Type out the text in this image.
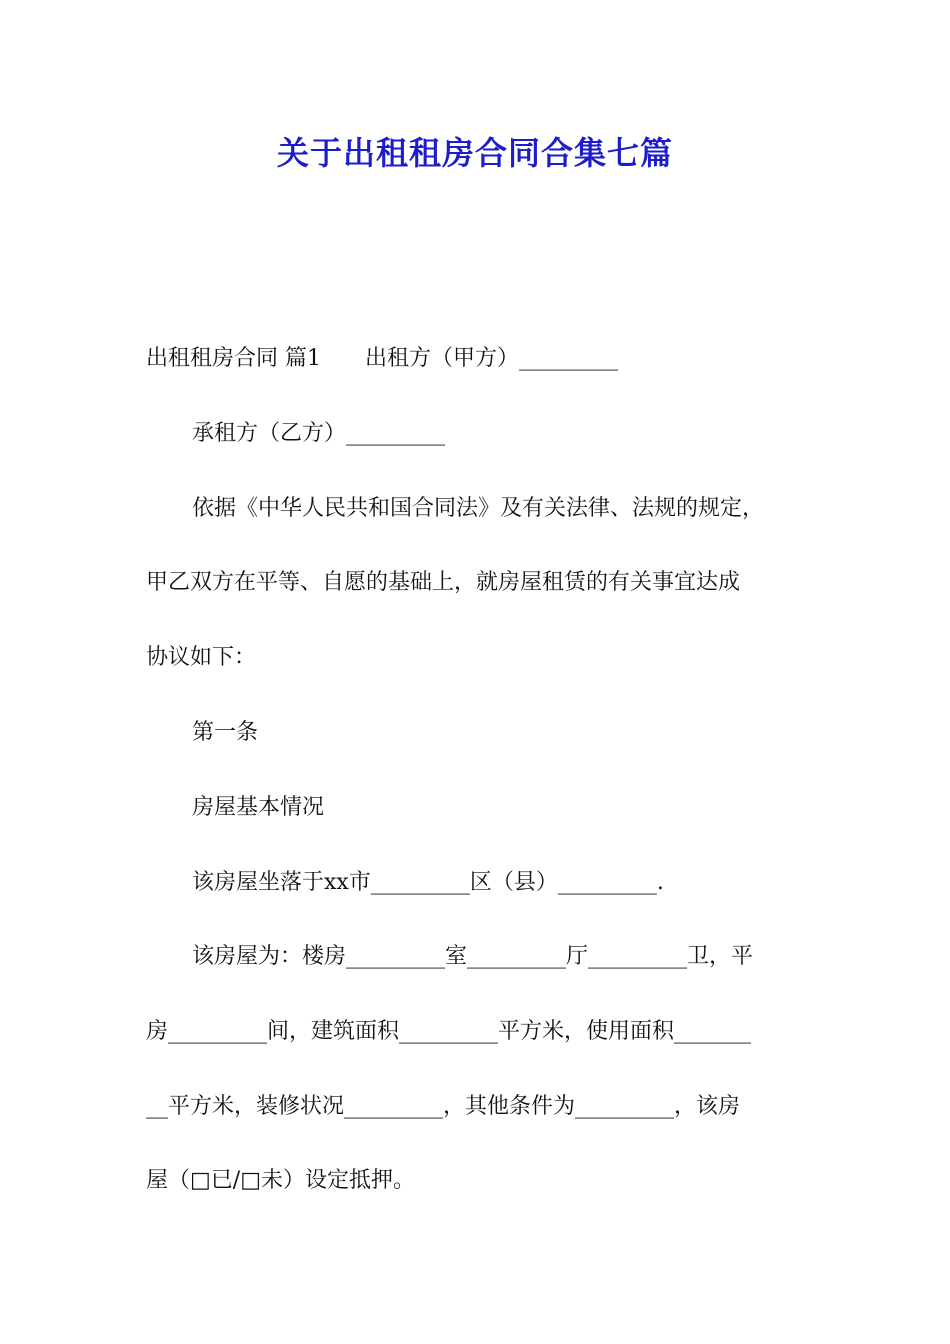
关于出租租房合同合集七篇
出租租房合同 篇1　　出租方（甲方）_________
承租方（乙方）_________
依据《中华人民共和国合同法》及有关法律、法规的规定，
甲乙双方在平等、自愿的基础上，就房屋租赁的有关事宜达成
协议如下：
第一条
房屋基本情况
该房屋坐落于xx市_________区（县）_________.
该房屋为：楼房_________室_________厅_________卫，平
房_________间，建筑面积_________平方米，使用面积_______
__平方米，装修状况_________，其他条件为_________，该房
屋（□已/□未）设定抵押。
